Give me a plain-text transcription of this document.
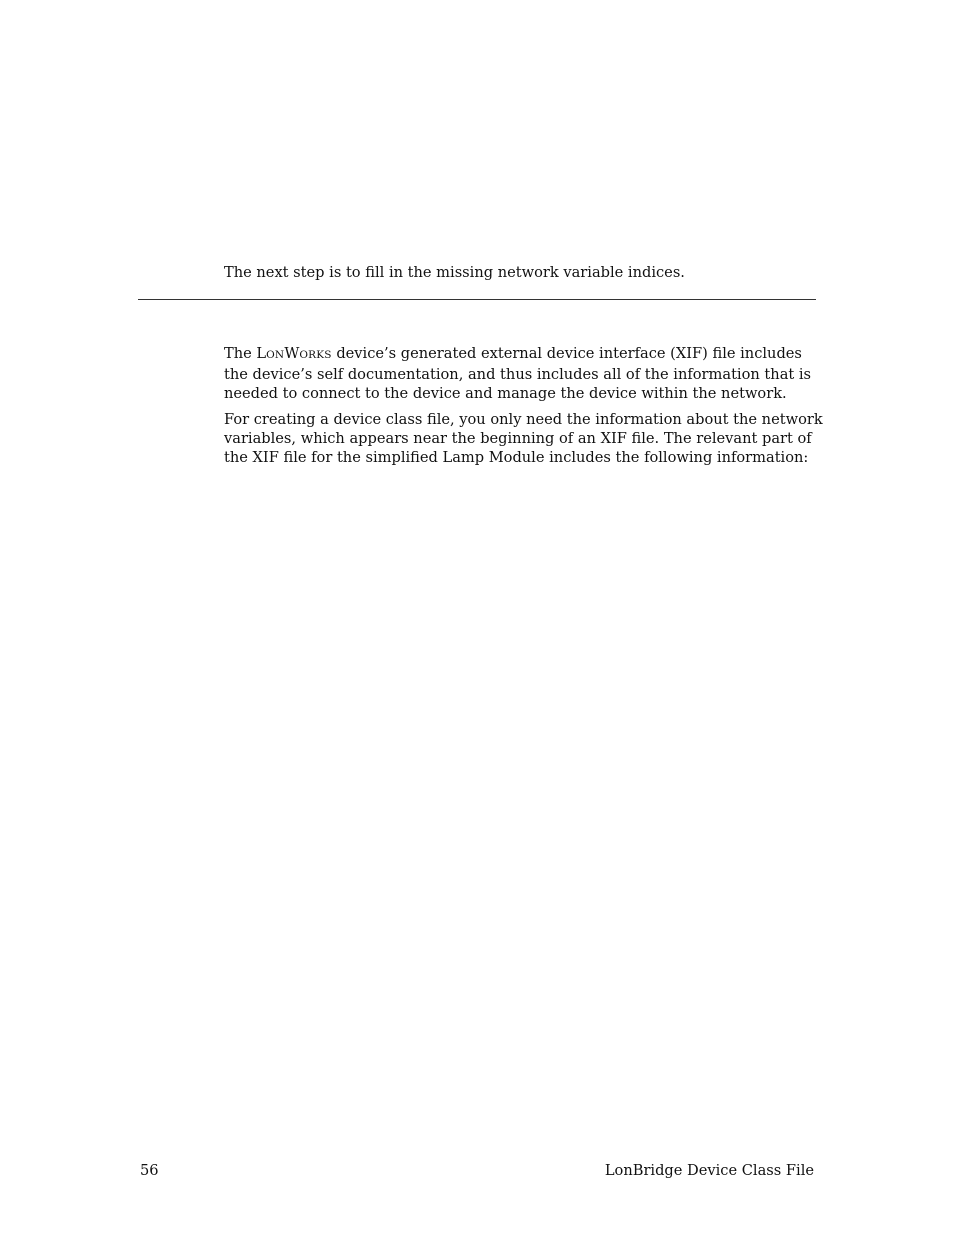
The next step is to fill in the missing network variable indices.
The LONWORKS device’s generated external device interface (XIF) file includes
the device’s self documentation, and thus includes all of the information that is
needed to connect to the device and manage the device within the network.
For creating a device class file, you only need the information about the network
variables, which appears near the beginning of an XIF file. The relevant part of
the XIF file for the simplified Lamp Module includes the following information:
56	LonBridge Device Class File
